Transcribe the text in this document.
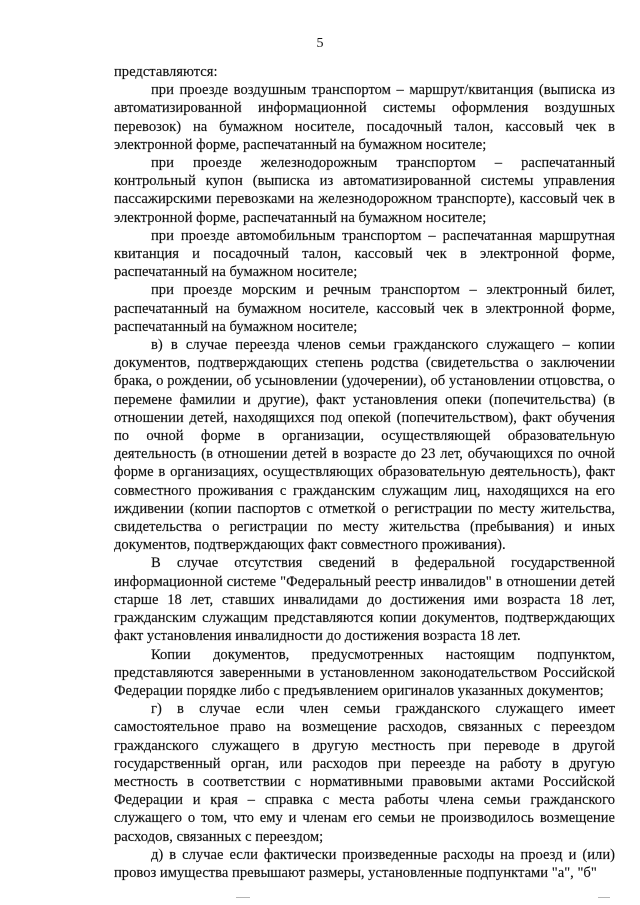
5

представляются:

при проезде воздушным транспортом – маршрут/квитанция (выписка из автоматизированной информационной системы оформления воздушных перевозок) на бумажном носителе, посадочный талон, кассовый чек в электронной форме, распечатанный на бумажном носителе;

при проезде железнодорожным транспортом – распечатанный контрольный купон (выписка из автоматизированной системы управления пассажирскими перевозками на железнодорожном транспорте), кассовый чек в электронной форме, распечатанный на бумажном носителе;

при проезде автомобильным транспортом – распечатанная маршрутная квитанция и посадочный талон, кассовый чек в электронной форме, распечатанный на бумажном носителе;

при проезде морским и речным транспортом – электронный билет, распечатанный на бумажном носителе, кассовый чек в электронной форме, распечатанный на бумажном носителе;

в) в случае переезда членов семьи гражданского служащего – копии документов, подтверждающих степень родства (свидетельства о заключении брака, о рождении, об усыновлении (удочерении), об установлении отцовства, о перемене фамилии и другие), факт установления опеки (попечительства) (в отношении детей, находящихся под опекой (попечительством), факт обучения по очной форме в организации, осуществляющей образовательную деятельность (в отношении детей в возрасте до 23 лет, обучающихся по очной форме в организациях, осуществляющих образовательную деятельность), факт совместного проживания с гражданским служащим лиц, находящихся на его иждивении (копии паспортов с отметкой о регистрации по месту жительства, свидетельства о регистрации по месту жительства (пребывания) и иных документов, подтверждающих факт совместного проживания).

В случае отсутствия сведений в федеральной государственной информационной системе "Федеральный реестр инвалидов" в отношении детей старше 18 лет, ставших инвалидами до достижения ими возраста 18 лет, гражданским служащим представляются копии документов, подтверждающих факт установления инвалидности до достижения возраста 18 лет.

Копии документов, предусмотренных настоящим подпунктом, представляются заверенными в установленном законодательством Российской Федерации порядке либо с предъявлением оригиналов указанных документов;

г) в случае если член семьи гражданского служащего имеет самостоятельное право на возмещение расходов, связанных с переездом гражданского служащего в другую местность при переводе в другой государственный орган, или расходов при переезде на работу в другую местность в соответствии с нормативными правовыми актами Российской Федерации и края – справка с места работы члена семьи гражданского служащего о том, что ему и членам его семьи не производилось возмещение расходов, связанных с переездом;

д) в случае если фактически произведенные расходы на проезд и (или) провоз имущества превышают размеры, установленные подпунктами "а", "б"
